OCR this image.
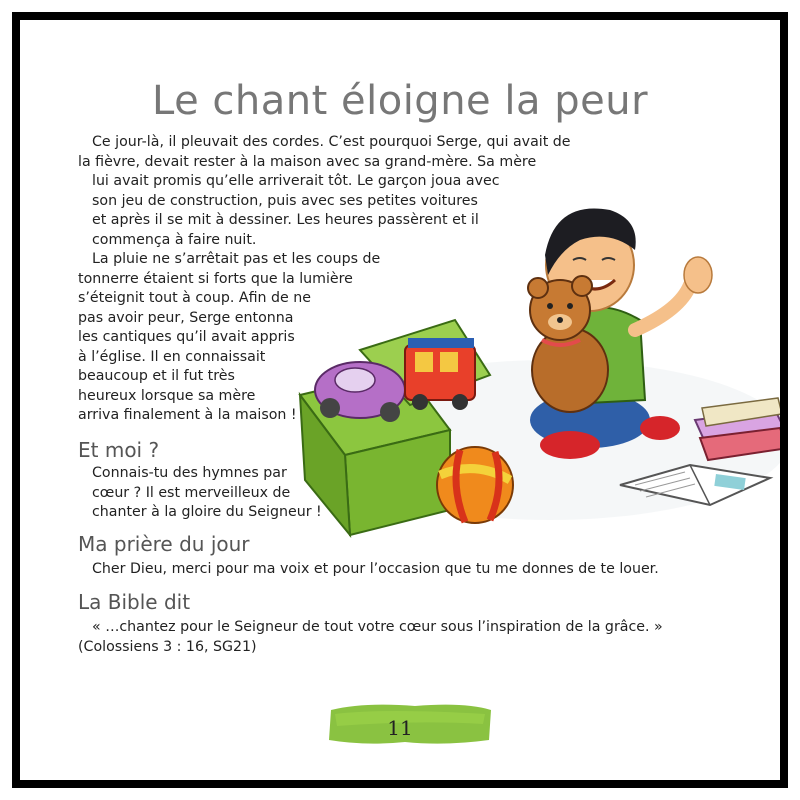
Le chant éloigne la peur

Ce jour-là, il pleuvait des cordes. C’est pourquoi Serge, qui avait de
la fièvre, devait rester à la maison avec sa grand-mère. Sa mère
lui avait promis qu’elle arriverait tôt. Le garçon joua avec
son jeu de construction, puis avec ses petites voitures
et après il se mit à dessiner. Les heures passèrent et il
commença à faire nuit.

La pluie ne s’arrêtait pas et les coups de
tonnerre étaient si forts que la lumière
s’éteignit tout à coup. Afin de ne
pas avoir peur, Serge entonna
les cantiques qu’il avait appris
à l’église. Il en connaissait
beaucoup et il fut très
heureux lorsque sa mère
arriva finalement à la maison !

Et moi ?
Connais-tu des hymnes par
cœur ? Il est merveilleux de
chanter à la gloire du Seigneur !
Ma prière du jour
Cher Dieu, merci pour ma voix et pour l’occasion que tu me donnes de te louer.
La Bible dit
« …chantez pour le Seigneur de tout votre cœur sous l’inspiration de la grâce. »
(Colossiens 3 : 16, SG21)
11
